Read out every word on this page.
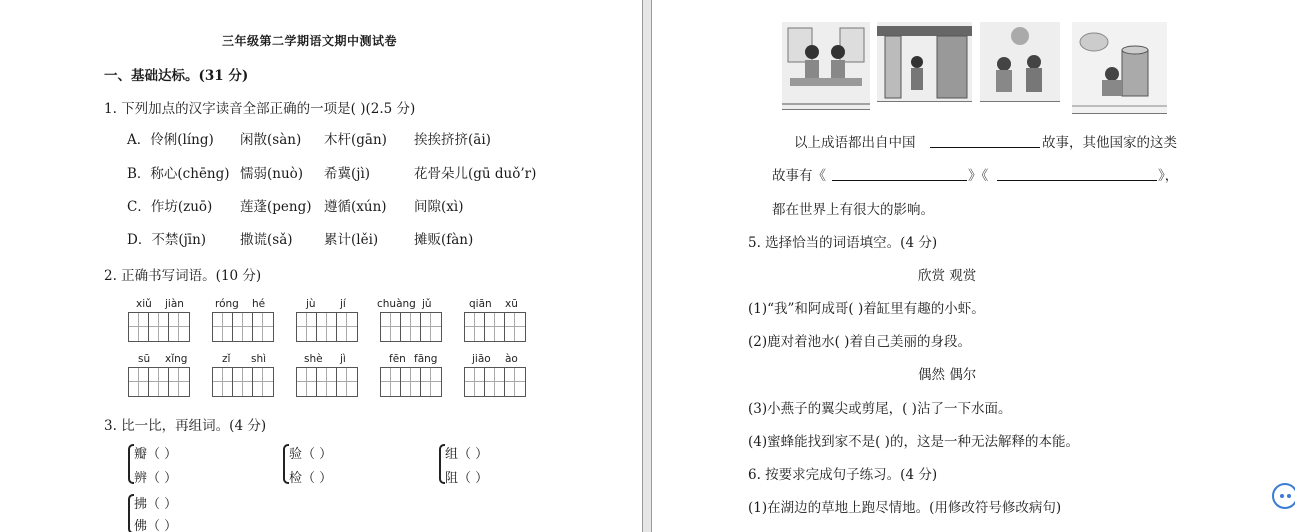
三年级第二学期语文期中测试卷
一、基础达标。(31 分)
1. 下列加点的汉字读音全部正确的一项是( )(2.5 分)
A．伶俐(líng) 闲散(sàn) 木杆(gān) 挨挨挤挤(āi)
B．称心(chēng) 懦弱(nuò) 希冀(jì)	花骨朵儿(gū duǒ’r)
C．作坊(zuō) 莲蓬(peng) 遵循(xún) 间隙(xì)
D．不禁(jīn)	撒谎(sǎ) 累计(lěi)	摊贩(fàn)
2. 正确书写词语。(10 分)
xiǔ jiàn	róng hé	jù jí	chuàng jǔ	qiān xū
sū xǐng	zǐ shì	shè jì	fēn fāng	jiāo ào
3. 比一比，再组词。(4 分)
瓣（ ）
辨（ ）
验（ ）
检（ ）
组（ ）
阻（ ）
拂（ ）
佛（ ）
以上成语都出自中国	故事，其他国家的这类
故事有《	》《	》，
都在世界上有很大的影响。
5. 选择恰当的词语填空。(4 分)
欣赏 观赏
(1)“我”和阿成哥( )着缸里有趣的小虾。
(2)鹿对着池水( )着自己美丽的身段。
偶然 偶尔
(3)小燕子的翼尖或剪尾，( )沾了一下水面。
(4)蜜蜂能找到家不是( )的，这是一种无法解释的本能。
6. 按要求完成句子练习。(4 分)
(1)在湖边的草地上跑尽情地。(用修改符号修改病句)
